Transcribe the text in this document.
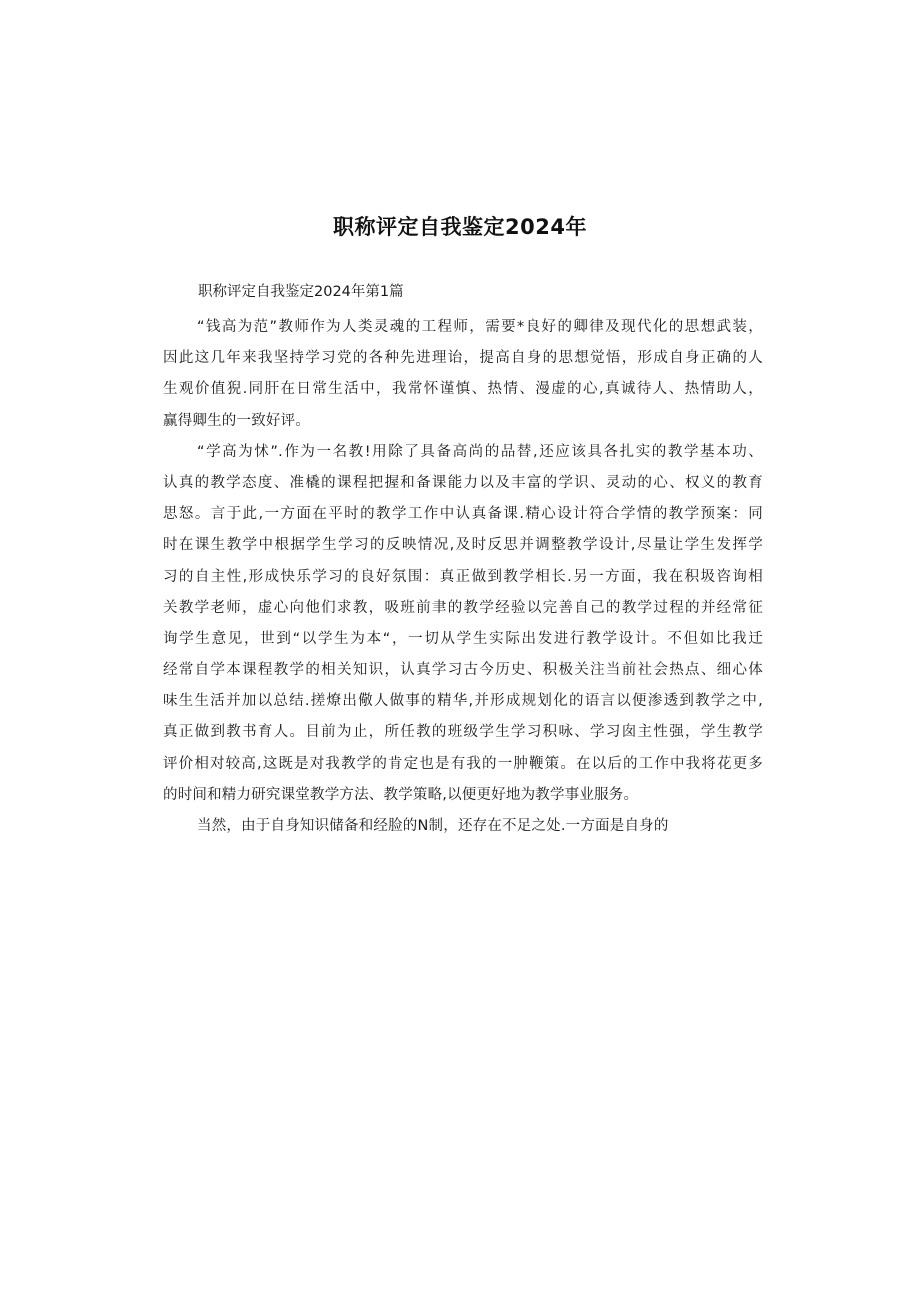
职称评定自我鉴定2024年

职称评定自我鉴定2024年第1篇

“钱高为范”教师作为人类灵魂的工程师，需要*良好的卿律及现代化的思想武装，
因此这几年来我坚持学习党的各种先进理诒，提高自身的思想觉悟，形成自身正确的人
生观价值猊.同肝在日常生活中，我常怀谨慎、热情、漫虚的心,真诚待人、热情助人，
赢得卿生的一致好评。
“学高为怵”.作为一名教!用除了具备高尚的品替,还应该具各扎实的教学基本功、
认真的教学态度、准橇的课程把握和备课能力以及丰富的学识、灵动的心、权义的教育
思怒。言于此,一方面在平时的教学工作中认真备课.精心设计符合学情的教学预案：同
时在课生教学中根据学生学习的反映情况,及时反思并调整教学设计,尽量让学生发挥学
习的自主性,形成快乐学习的良好氛围：真正做到教学相长.另一方面，我在积圾咨询相
关教学老师，虚心向他们求教，吸班前聿的教学经验以完善自己的教学过程的并经常征
询学生意见，世到“以学生为本“，一切从学生实际出发进行教学设计。不但如比我迁
经常自学本课程教学的相关知识，认真学习古今历史、积极关注当前社会热点、细心体
味生生活并加以总结.搓燎出儆人做事的精华,并形成规划化的语言以便渗透到教学之中,
真正做到教书育人。目前为止，所任教的班级学生学习积咏、学习囱主性强，学生教学
评价相对较高,这既是对我教学的肯定也是有我的一肿鞭策。在以后的工作中我将花更多
的时间和精力研究课堂教学方法、教学策略,以便更好地为教学事业服务。
当然，由于自身知识储备和经脸的N制，还存在不足之处.一方面是自身的
